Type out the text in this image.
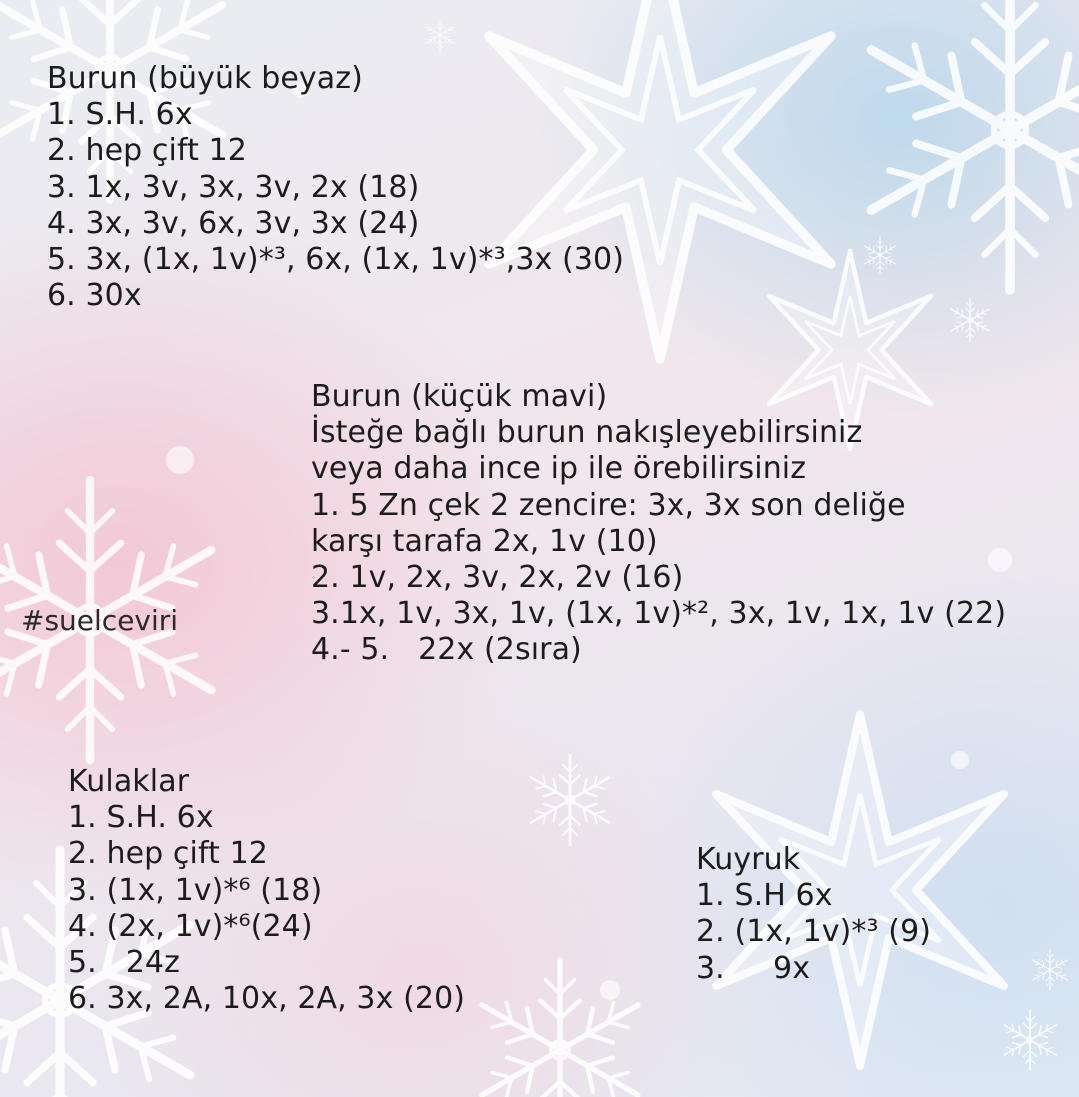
Burun (büyük beyaz)
1. S.H. 6x
2. hep çift 12
3. 1x, 3v, 3x, 3v, 2x (18)
4. 3x, 3v, 6x, 3v, 3x (24)
5. 3x, (1x, 1v)*³, 6x, (1x, 1v)*³,3x (30)
6. 30x
Burun (küçük mavi)
İsteğe bağlı burun nakışleyebilirsiniz
veya daha ince ip ile örebilirsiniz
1. 5 Zn çek 2 zencire: 3x, 3x son deliğe
karşı tarafa 2x, 1v (10)
2. 1v, 2x, 3v, 2x, 2v (16)
3.1x, 1v, 3x, 1v, (1x, 1v)*², 3x, 1v, 1x, 1v (22)
4.- 5.   22x (2sıra)
#suelceviri
Kulaklar
1. S.H. 6x
2. hep çift 12
3. (1x, 1v)*⁶ (18)
4. (2x, 1v)*⁶(24)
5.   24z
6. 3x, 2A, 10x, 2A, 3x (20)
Kuyruk
1. S.H 6x
2. (1x, 1v)*³ (9)
3.     9x
